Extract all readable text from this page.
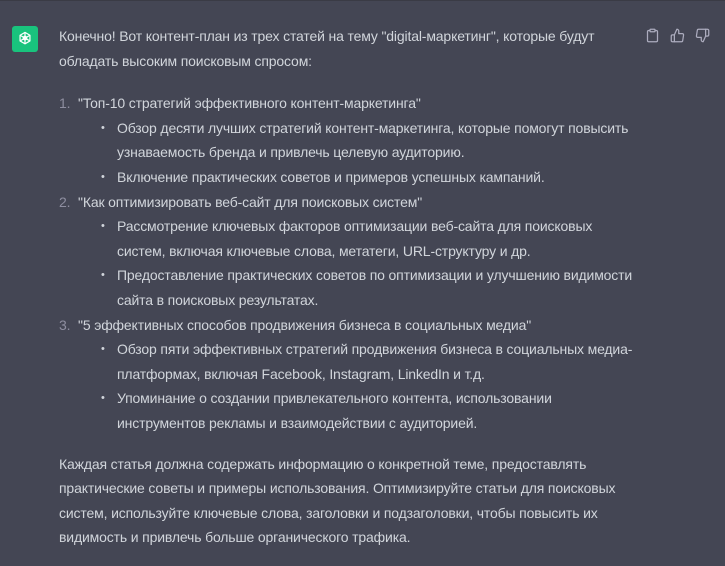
Конечно! Вот контент-план из трех статей на тему "digital-маркетинг", которые будут обладать высоким поисковым спросом:

1. "Топ-10 стратегий эффективного контент-маркетинга"
• Обзор десяти лучших стратегий контент-маркетинга, которые помогут повысить узнаваемость бренда и привлечь целевую аудиторию.
• Включение практических советов и примеров успешных кампаний.
2. "Как оптимизировать веб-сайт для поисковых систем"
• Рассмотрение ключевых факторов оптимизации веб-сайта для поисковых систем, включая ключевые слова, метатеги, URL-структуру и др.
• Предоставление практических советов по оптимизации и улучшению видимости сайта в поисковых результатах.
3. "5 эффективных способов продвижения бизнеса в социальных медиа"
• Обзор пяти эффективных стратегий продвижения бизнеса в социальных медиа-платформах, включая Facebook, Instagram, LinkedIn и т.д.
• Упоминание о создании привлекательного контента, использовании инструментов рекламы и взаимодействии с аудиторией.

Каждая статья должна содержать информацию о конкретной теме, предоставлять практические советы и примеры использования. Оптимизируйте статьи для поисковых систем, используйте ключевые слова, заголовки и подзаголовки, чтобы повысить их видимость и привлечь больше органического трафика.
